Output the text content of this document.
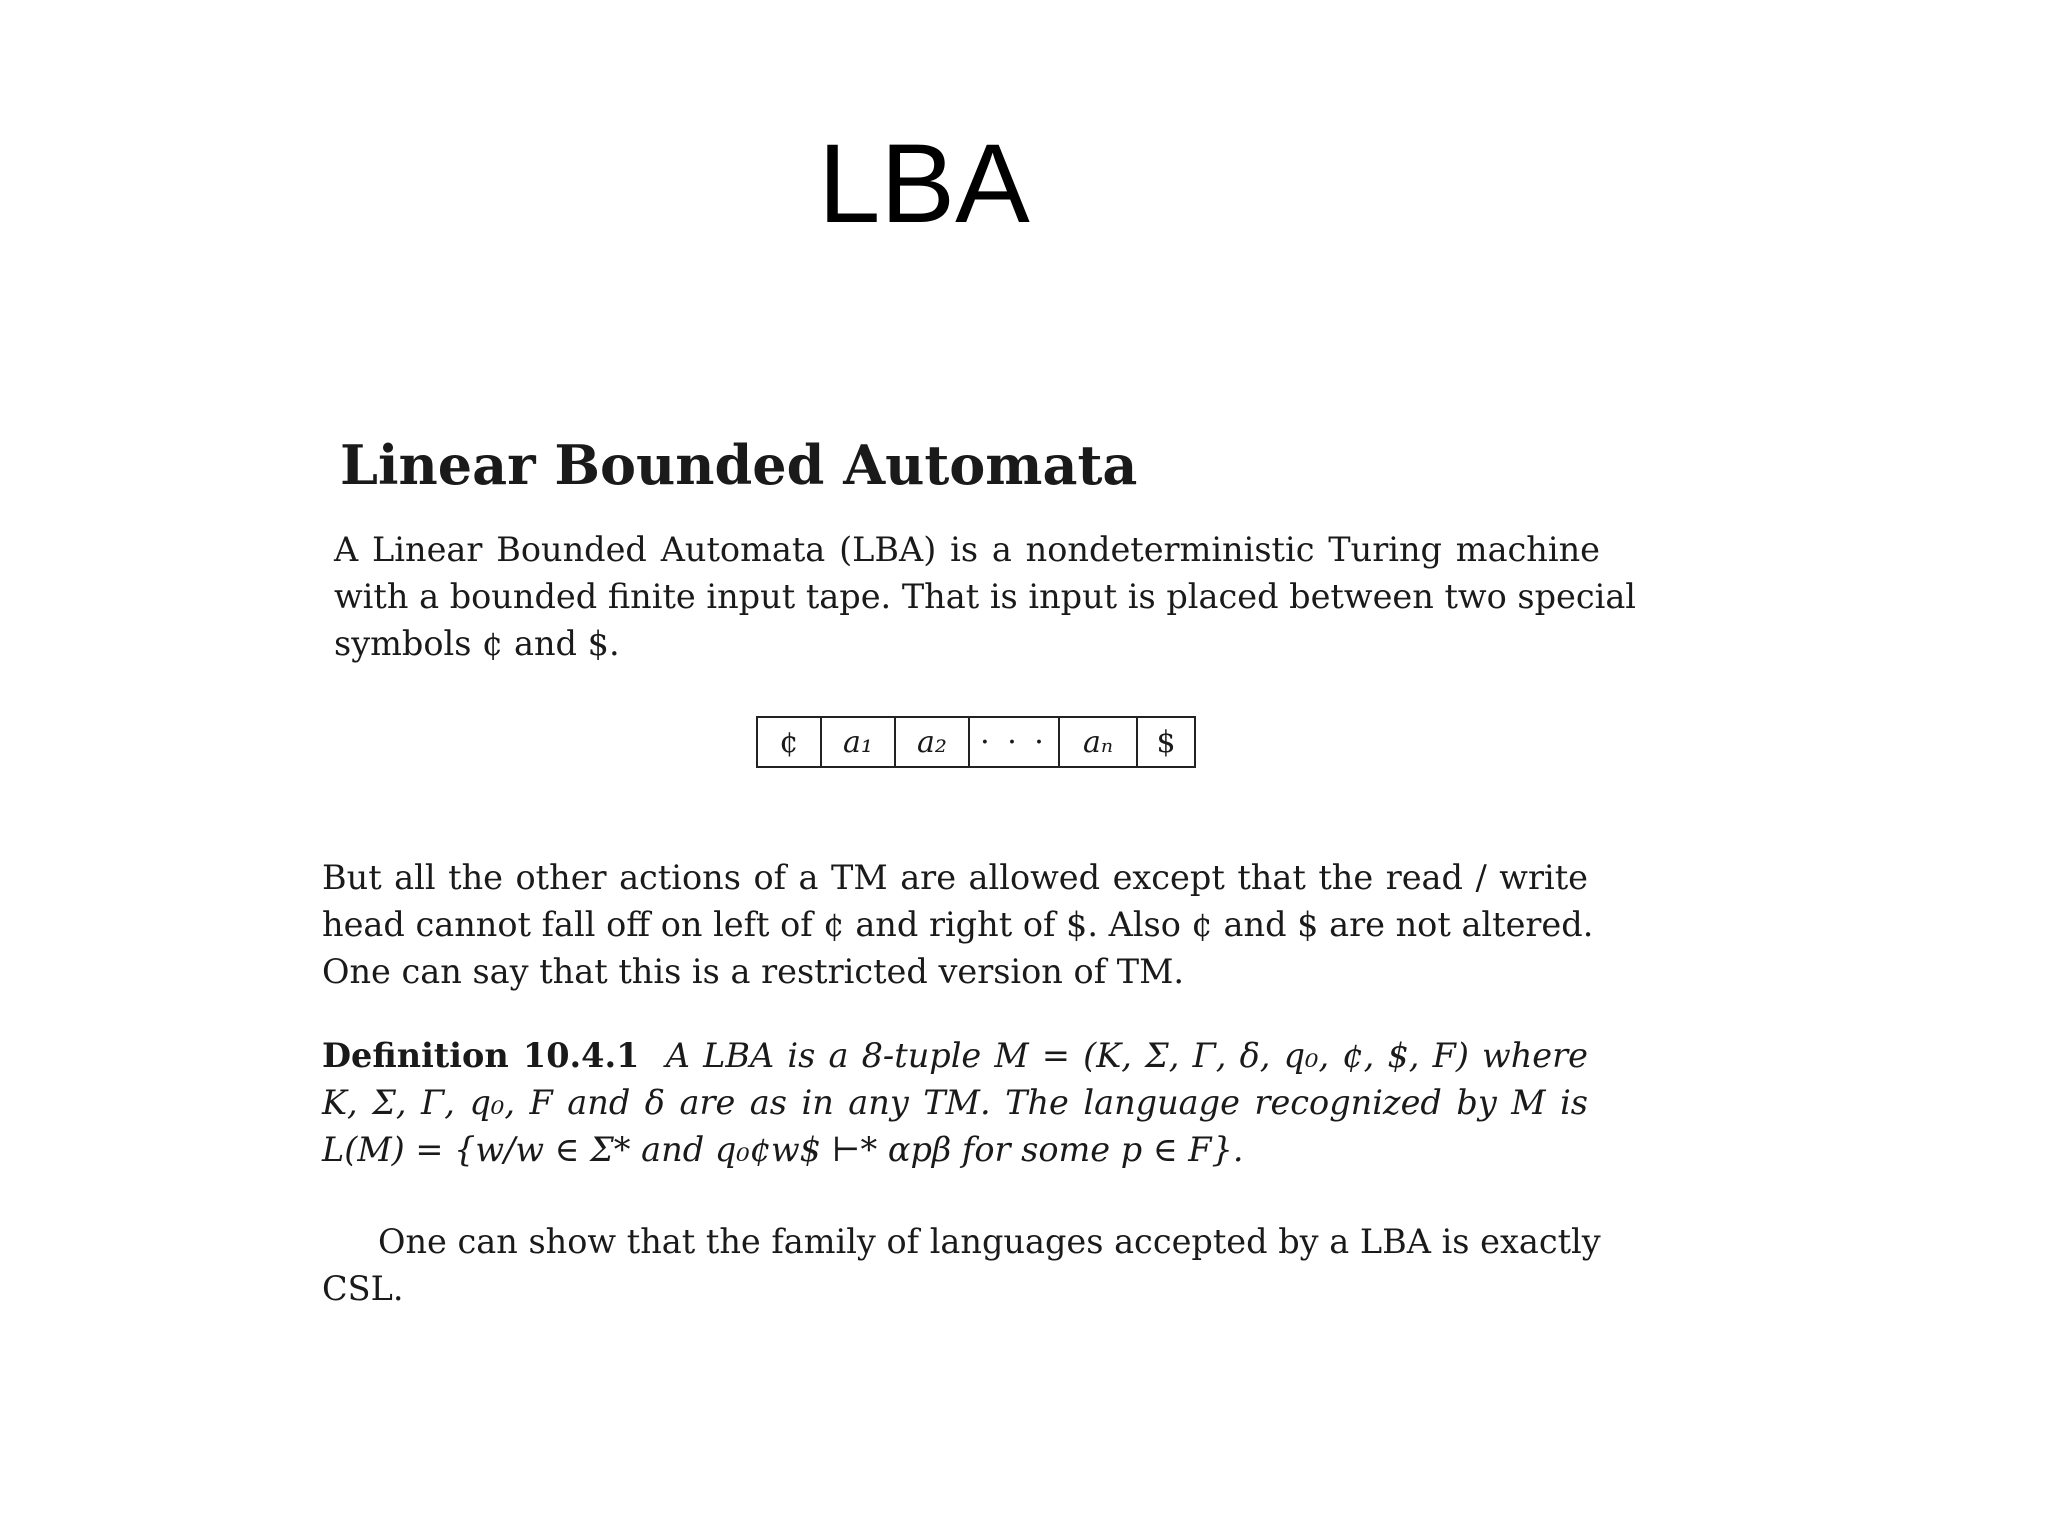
LBA
Linear Bounded Automata
A Linear Bounded Automata (LBA) is a nondeterministic Turing machine
with a bounded finite input tape. That is input is placed between two special
symbols ¢ and $.
¢	a₁	a₂	· · ·	aₙ	$
But all the other actions of a TM are allowed except that the read / write
head cannot fall off on left of ¢ and right of $. Also ¢ and $ are not altered.
One can say that this is a restricted version of TM.
Definition 10.4.1 A LBA is a 8-tuple M = (K, Σ, Γ, δ, q₀, ¢, $, F) where
K, Σ, Γ, q₀, F and δ are as in any TM. The language recognized by M is
L(M) = {w/w ∈ Σ* and q₀¢w$ ⊢* αpβ for some p ∈ F}.
One can show that the family of languages accepted by a LBA is exactly
CSL.
